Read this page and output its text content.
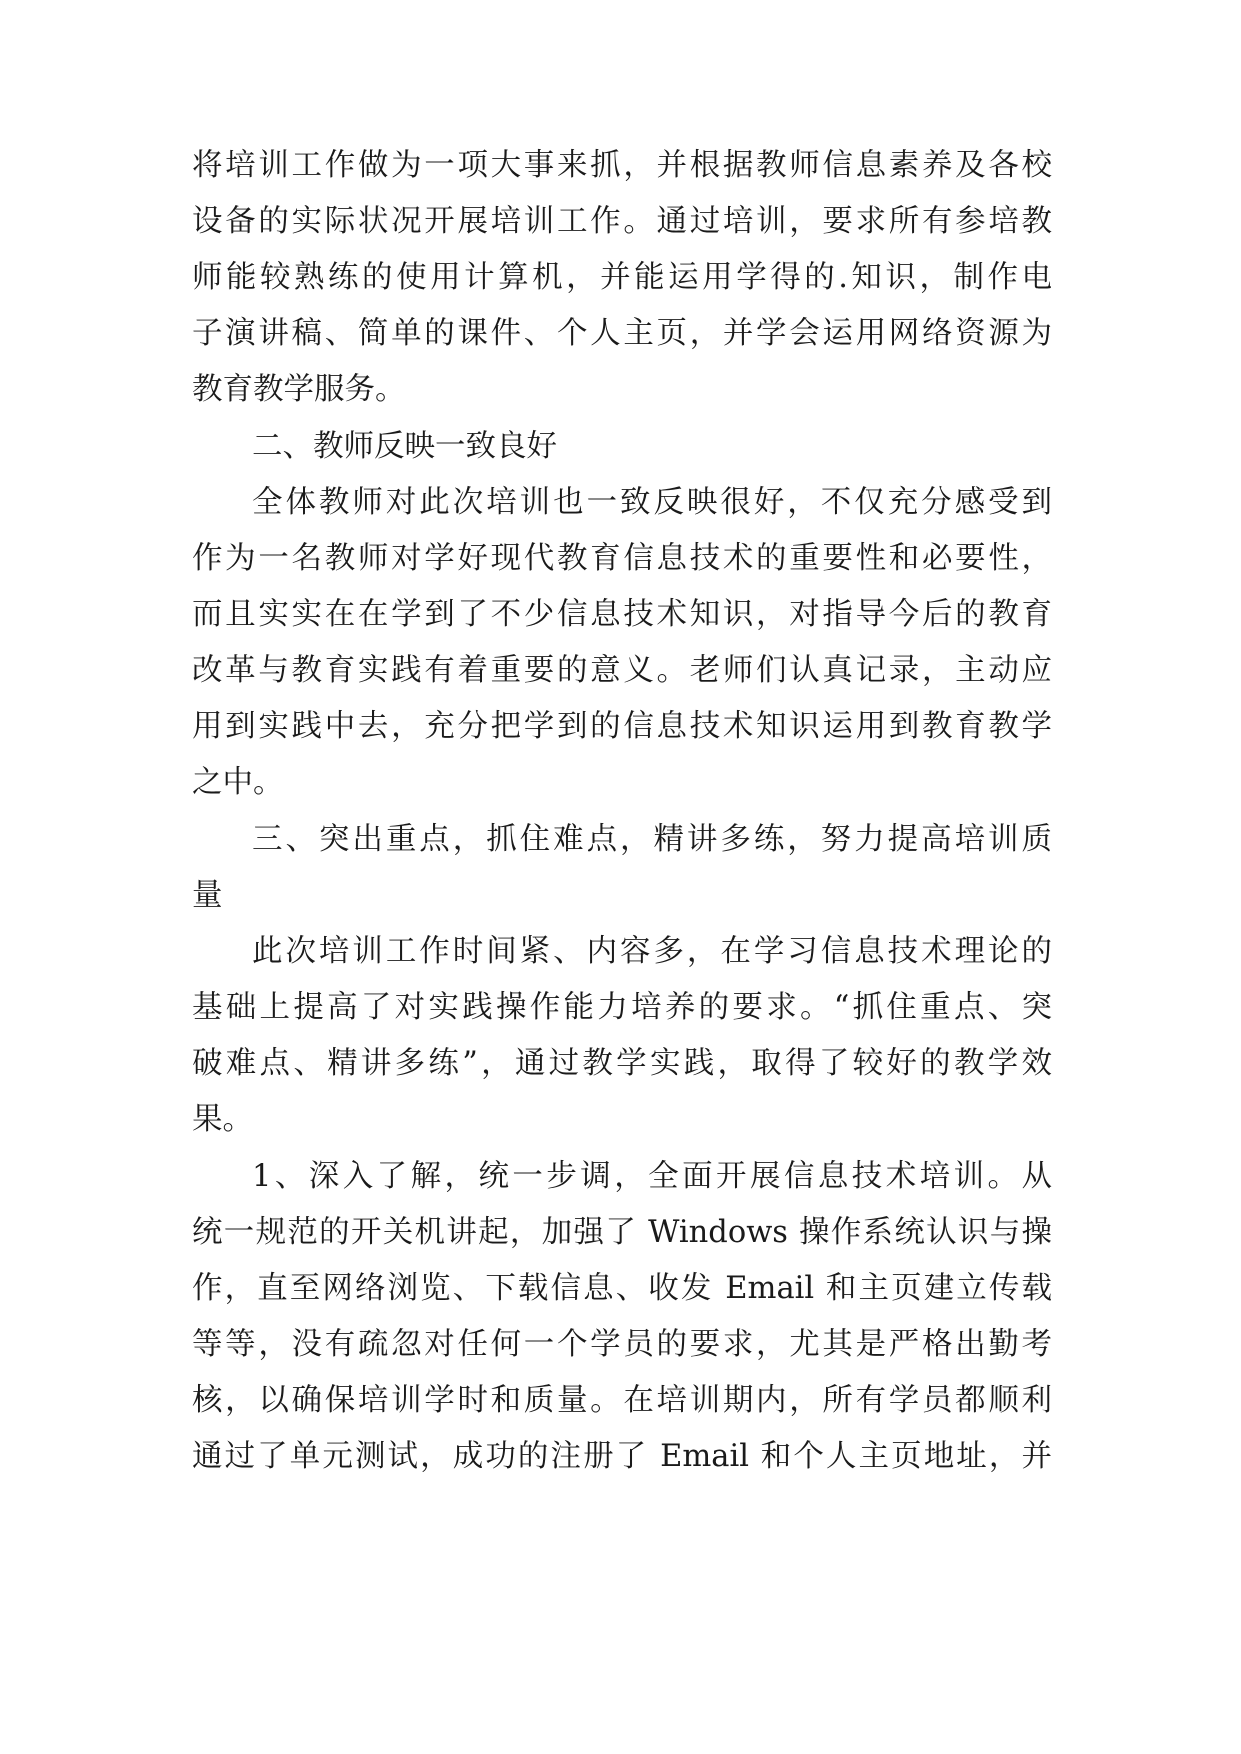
将培训工作做为一项大事来抓，并根据教师信息素养及各校
设备的实际状况开展培训工作。通过培训，要求所有参培教
师能较熟练的使用计算机，并能运用学得的.知识，制作电
子演讲稿、简单的课件、个人主页，并学会运用网络资源为
教育教学服务。
二、教师反映一致良好
全体教师对此次培训也一致反映很好，不仅充分感受到
作为一名教师对学好现代教育信息技术的重要性和必要性，
而且实实在在学到了不少信息技术知识，对指导今后的教育
改革与教育实践有着重要的意义。老师们认真记录，主动应
用到实践中去，充分把学到的信息技术知识运用到教育教学
之中。
三、突出重点，抓住难点，精讲多练，努力提高培训质
量
此次培训工作时间紧、内容多，在学习信息技术理论的
基础上提高了对实践操作能力培养的要求。“抓住重点、突
破难点、精讲多练”，通过教学实践，取得了较好的教学效
果。
1、深入了解，统一步调，全面开展信息技术培训。从
统一规范的开关机讲起，加强了 Windows 操作系统认识与操
作，直至网络浏览、下载信息、收发 Email 和主页建立传载
等等，没有疏忽对任何一个学员的要求，尤其是严格出勤考
核，以确保培训学时和质量。在培训期内，所有学员都顺利
通过了单元测试，成功的注册了 Email 和个人主页地址，并
